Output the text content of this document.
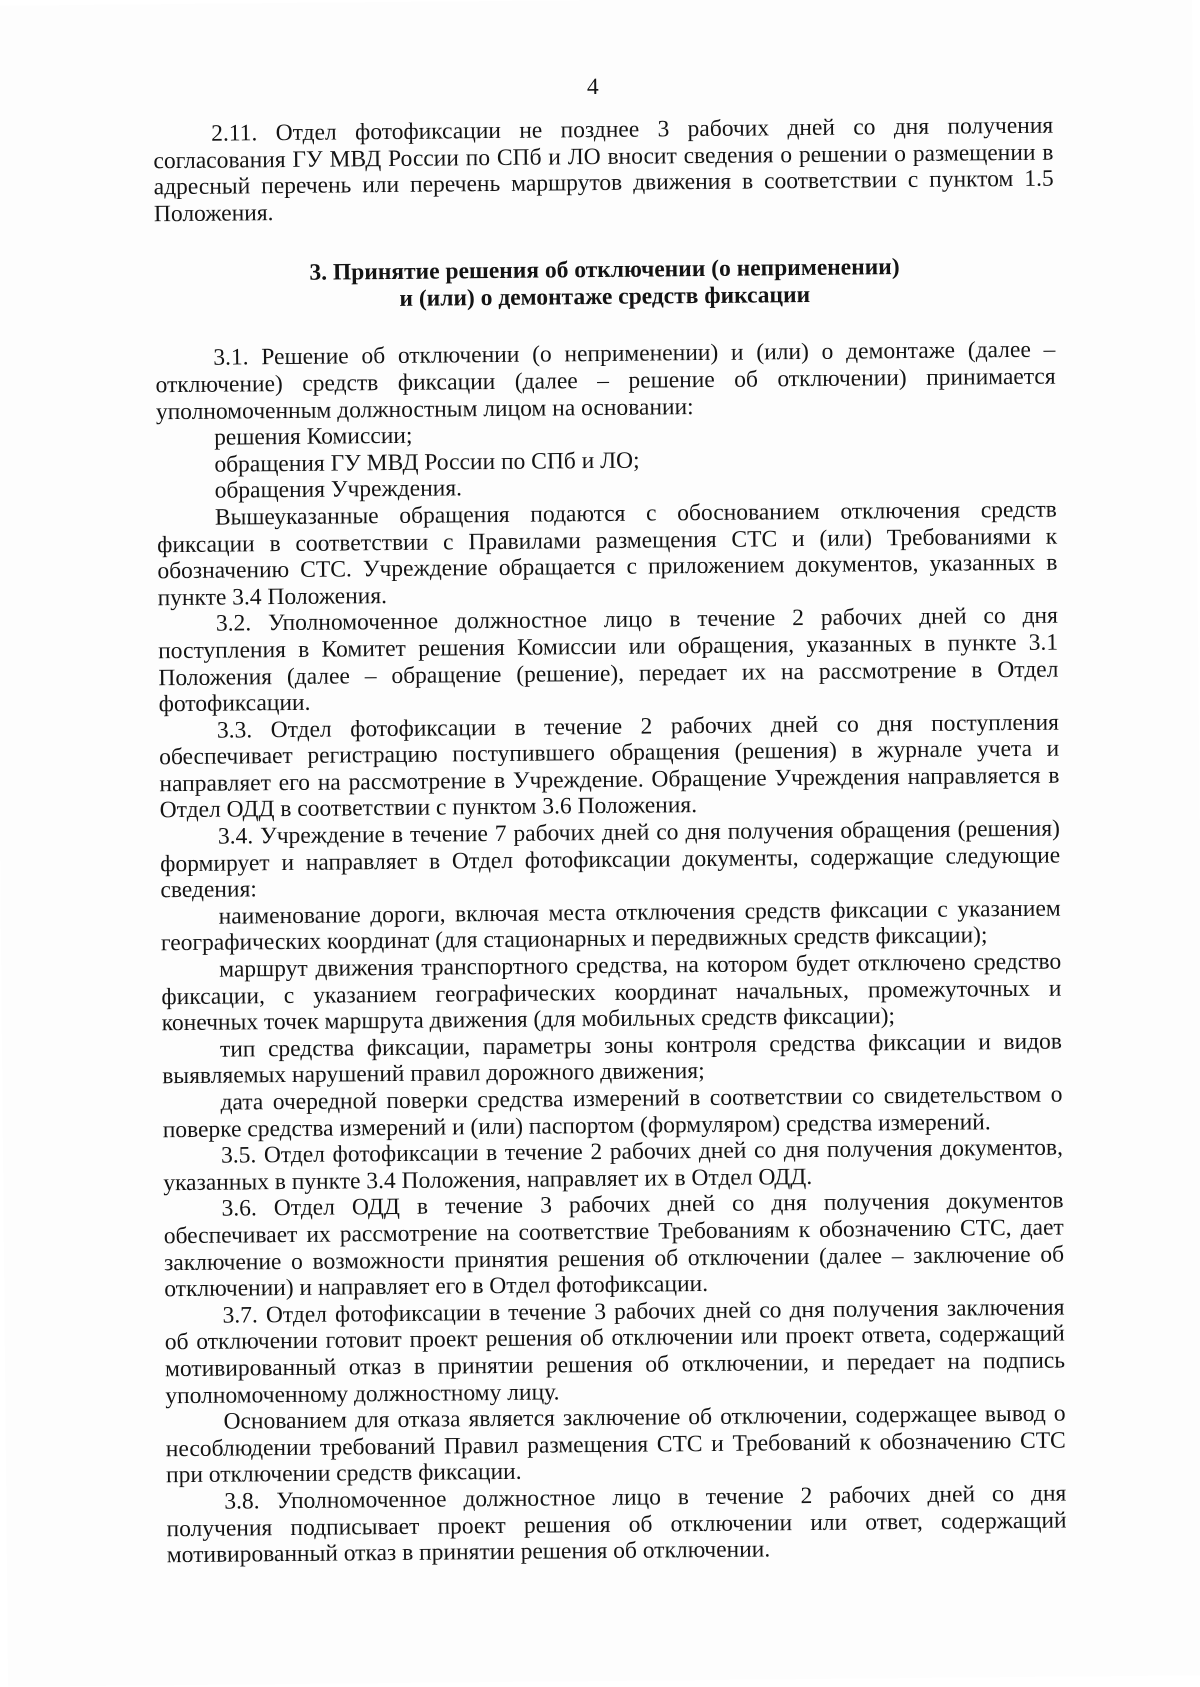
4

2.11. Отдел фотофиксации не позднее 3 рабочих дней со дня получения согласования ГУ МВД России по СПб и ЛО вносит сведения о решении о размещении в адресный перечень или перечень маршрутов движения в соответствии с пунктом 1.5 Положения.

3. Принятие решения об отключении (о неприменении)
и (или) о демонтаже средств фиксации

3.1. Решение об отключении (о неприменении) и (или) о демонтаже (далее – отключение) средств фиксации (далее – решение об отключении) принимается уполномоченным должностным лицом на основании:

решения Комиссии;

обращения ГУ МВД России по СПб и ЛО;

обращения Учреждения.

Вышеуказанные обращения подаются с обоснованием отключения средств фиксации в соответствии с Правилами размещения СТС и (или) Требованиями к обозначению СТС. Учреждение обращается с приложением документов, указанных в пункте 3.4 Положения.

3.2. Уполномоченное должностное лицо в течение 2 рабочих дней со дня поступления в Комитет решения Комиссии или обращения, указанных в пункте 3.1 Положения (далее – обращение (решение), передает их на рассмотрение в Отдел фотофиксации.

3.3. Отдел фотофиксации в течение 2 рабочих дней со дня поступления обеспечивает регистрацию поступившего обращения (решения) в журнале учета и направляет его на рассмотрение в Учреждение. Обращение Учреждения направляется в Отдел ОДД в соответствии с пунктом 3.6 Положения.

3.4. Учреждение в течение 7 рабочих дней со дня получения обращения (решения) формирует и направляет в Отдел фотофиксации документы, содержащие следующие сведения:

наименование дороги, включая места отключения средств фиксации с указанием географических координат (для стационарных и передвижных средств фиксации);

маршрут движения транспортного средства, на котором будет отключено средство фиксации, с указанием географических координат начальных, промежуточных и конечных точек маршрута движения (для мобильных средств фиксации);

тип средства фиксации, параметры зоны контроля средства фиксации и видов выявляемых нарушений правил дорожного движения;

дата очередной поверки средства измерений в соответствии со свидетельством о поверке средства измерений и (или) паспортом (формуляром) средства измерений.

3.5. Отдел фотофиксации в течение 2 рабочих дней со дня получения документов, указанных в пункте 3.4 Положения, направляет их в Отдел ОДД.

3.6. Отдел ОДД в течение 3 рабочих дней со дня получения документов обеспечивает их рассмотрение на соответствие Требованиям к обозначению СТС, дает заключение о возможности принятия решения об отключении (далее – заключение об отключении) и направляет его в Отдел фотофиксации.

3.7. Отдел фотофиксации в течение 3 рабочих дней со дня получения заключения об отключении готовит проект решения об отключении или проект ответа, содержащий мотивированный отказ в принятии решения об отключении, и передает на подпись уполномоченному должностному лицу.

Основанием для отказа является заключение об отключении, содержащее вывод о несоблюдении требований Правил размещения СТС и Требований к обозначению СТС при отключении средств фиксации.

3.8. Уполномоченное должностное лицо в течение 2 рабочих дней со дня получения подписывает проект решения об отключении или ответ, содержащий мотивированный отказ в принятии решения об отключении.
